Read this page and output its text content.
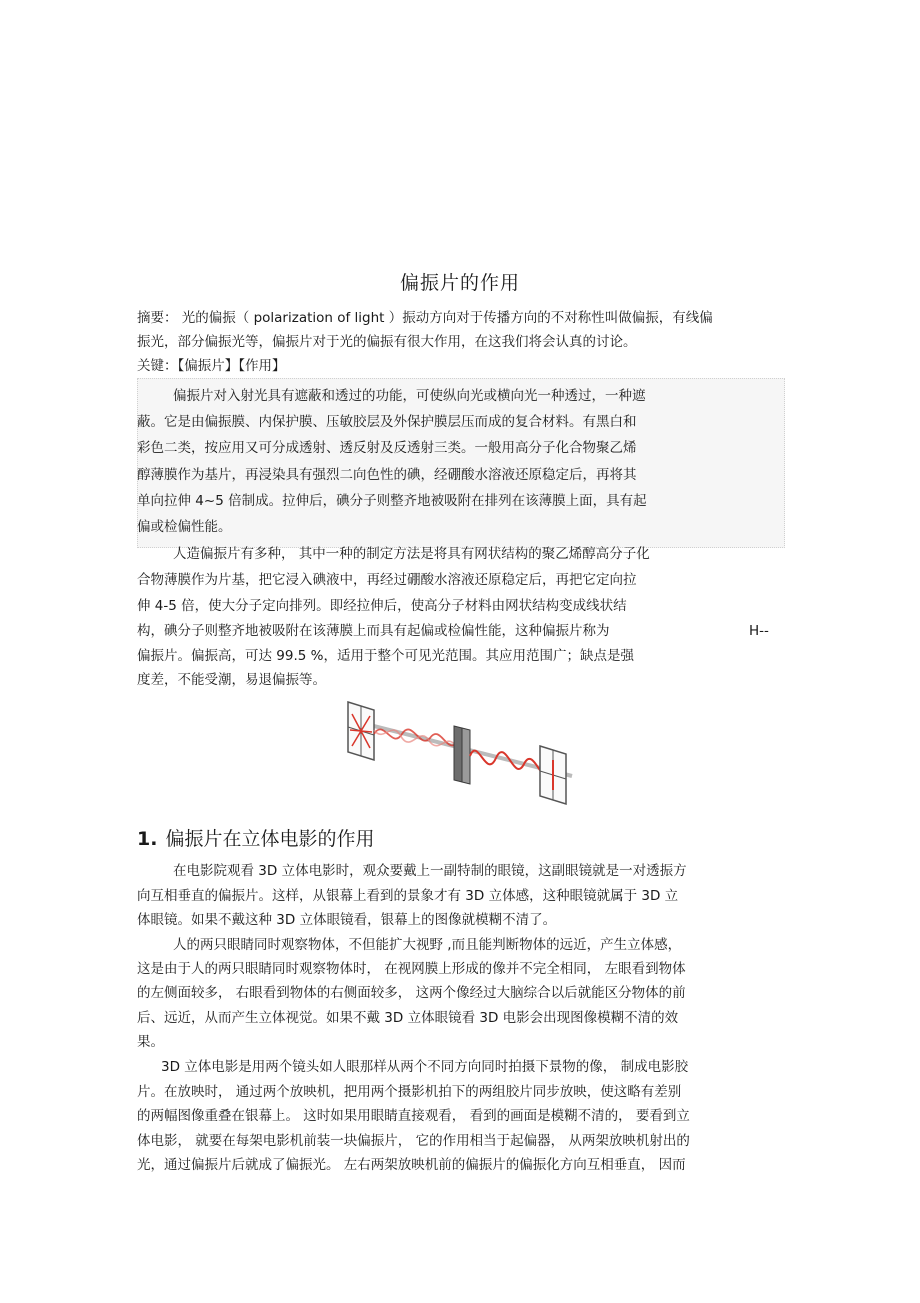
偏振片的作用
摘要： 光的偏振（ polarization of light ）振动方向对于传播方向的不对称性叫做偏振，有线偏
振光，部分偏振光等，偏振片对于光的偏振有很大作用，在这我们将会认真的讨论。
关键：【偏振片】【作用】
偏振片对入射光具有遮蔽和透过的功能，可使纵向光或横向光一种透过，一种遮
蔽。它是由偏振膜、内保护膜、压敏胶层及外保护膜层压而成的复合材料。有黑白和
彩色二类，按应用又可分成透射、透反射及反透射三类。一般用高分子化合物聚乙烯
醇薄膜作为基片，再浸染具有强烈二向色性的碘，经硼酸水溶液还原稳定后，再将其
单向拉伸 4~5 倍制成。拉伸后，碘分子则整齐地被吸附在排列在该薄膜上面，具有起
偏或检偏性能。
人造偏振片有多种， 其中一种的制定方法是将具有网状结构的聚乙烯醇高分子化
合物薄膜作为片基，把它浸入碘液中，再经过硼酸水溶液还原稳定后，再把它定向拉
伸 4-5 倍，使大分子定向排列。即经拉伸后，使高分子材料由网状结构变成线状结
构，碘分子则整齐地被吸附在该薄膜上而具有起偏或检偏性能，这种偏振片称为	H--
偏振片。偏振高，可达 99.5 %，适用于整个可见光范围。其应用范围广；缺点是强
度差，不能受潮，易退偏振等。
1. 偏振片在立体电影的作用
在电影院观看 3D 立体电影时，观众要戴上一副特制的眼镜，这副眼镜就是一对透振方
向互相垂直的偏振片。这样，从银幕上看到的景象才有 3D 立体感，这种眼镜就属于 3D 立
体眼镜。如果不戴这种 3D 立体眼镜看，银幕上的图像就模糊不清了。
人的两只眼睛同时观察物体，不但能扩大视野 ,而且能判断物体的远近，产生立体感，
这是由于人的两只眼睛同时观察物体时， 在视网膜上形成的像并不完全相同， 左眼看到物体
的左侧面较多， 右眼看到物体的右侧面较多， 这两个像经过大脑综合以后就能区分物体的前
后、远近，从而产生立体视觉。如果不戴 3D 立体眼镜看 3D 电影会出现图像模糊不清的效
果。
3D 立体电影是用两个镜头如人眼那样从两个不同方向同时拍摄下景物的像， 制成电影胶
片。在放映时， 通过两个放映机，把用两个摄影机拍下的两组胶片同步放映，使这略有差别
的两幅图像重叠在银幕上。 这时如果用眼睛直接观看， 看到的画面是模糊不清的， 要看到立
体电影， 就要在每架电影机前装一块偏振片， 它的作用相当于起偏器， 从两架放映机射出的
光，通过偏振片后就成了偏振光。 左右两架放映机前的偏振片的偏振化方向互相垂直， 因而
